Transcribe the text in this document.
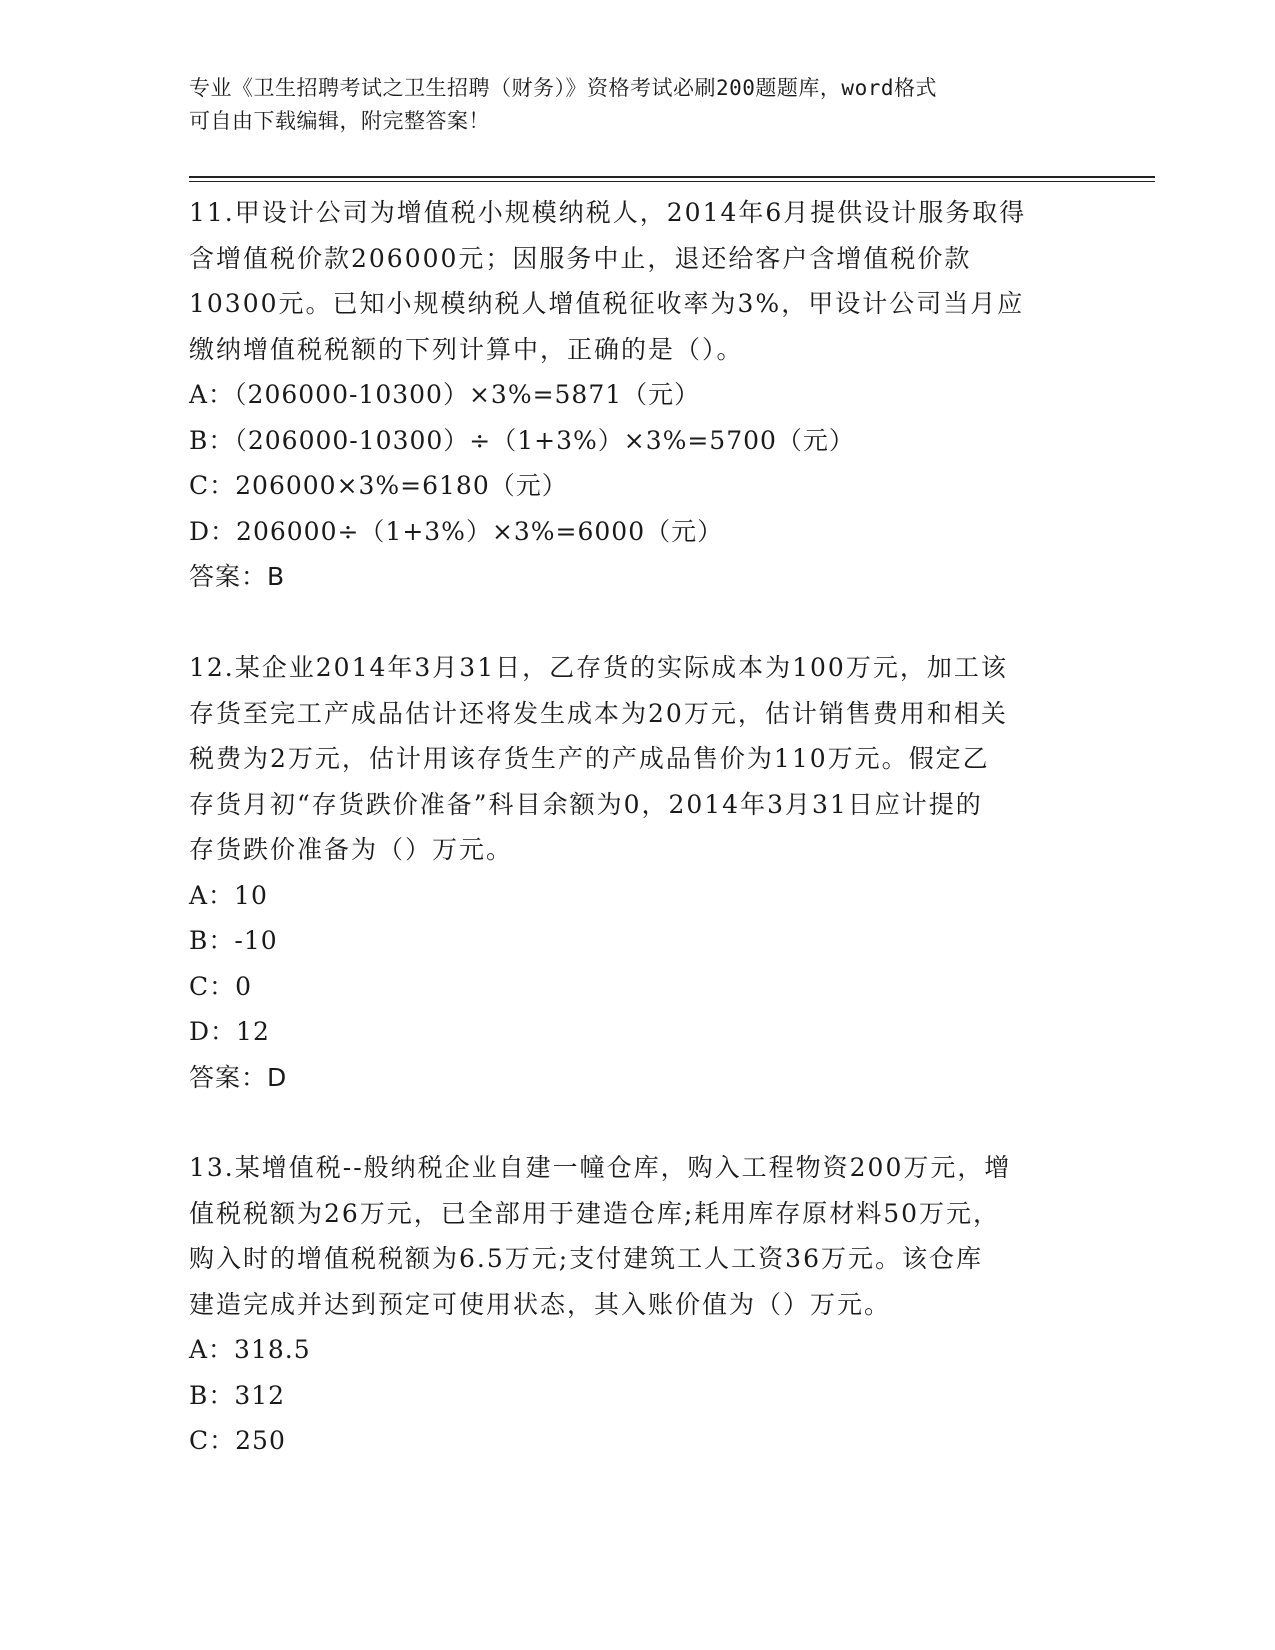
专业《卫生招聘考试之卫生招聘（财务）》资格考试必刷200题题库，word格式
可自由下载编辑，附完整答案！

11.甲设计公司为增值税小规模纳税人，2014年6月提供设计服务取得

含增值税价款206000元；因服务中止，退还给客户含增值税价款

10300元。已知小规模纳税人增值税征收率为3%，甲设计公司当月应

缴纳增值税税额的下列计算中，正确的是（）。

A：（206000-10300）×3%=5871（元）

B：（206000-10300）÷（1+3%）×3%=5700（元）

C：206000×3%=6180（元）

D：206000÷（1+3%）×3%=6000（元）

答案：B

12.某企业2014年3月31日，乙存货的实际成本为100万元，加工该

存货至完工产成品估计还将发生成本为20万元，估计销售费用和相关

税费为2万元，估计用该存货生产的产成品售价为110万元。假定乙

存货月初“存货跌价准备”科目余额为0，2014年3月31日应计提的

存货跌价准备为（）万元。

A：10

B：-10

C：0

D：12

答案：D

13.某增值税--般纳税企业自建一幢仓库，购入工程物资200万元，增

值税税额为26万元，已全部用于建造仓库;耗用库存原材料50万元，

购入时的增值税税额为6.5万元;支付建筑工人工资36万元。该仓库

建造完成并达到预定可使用状态，其入账价值为（）万元。

A：318.5

B：312

C：250
